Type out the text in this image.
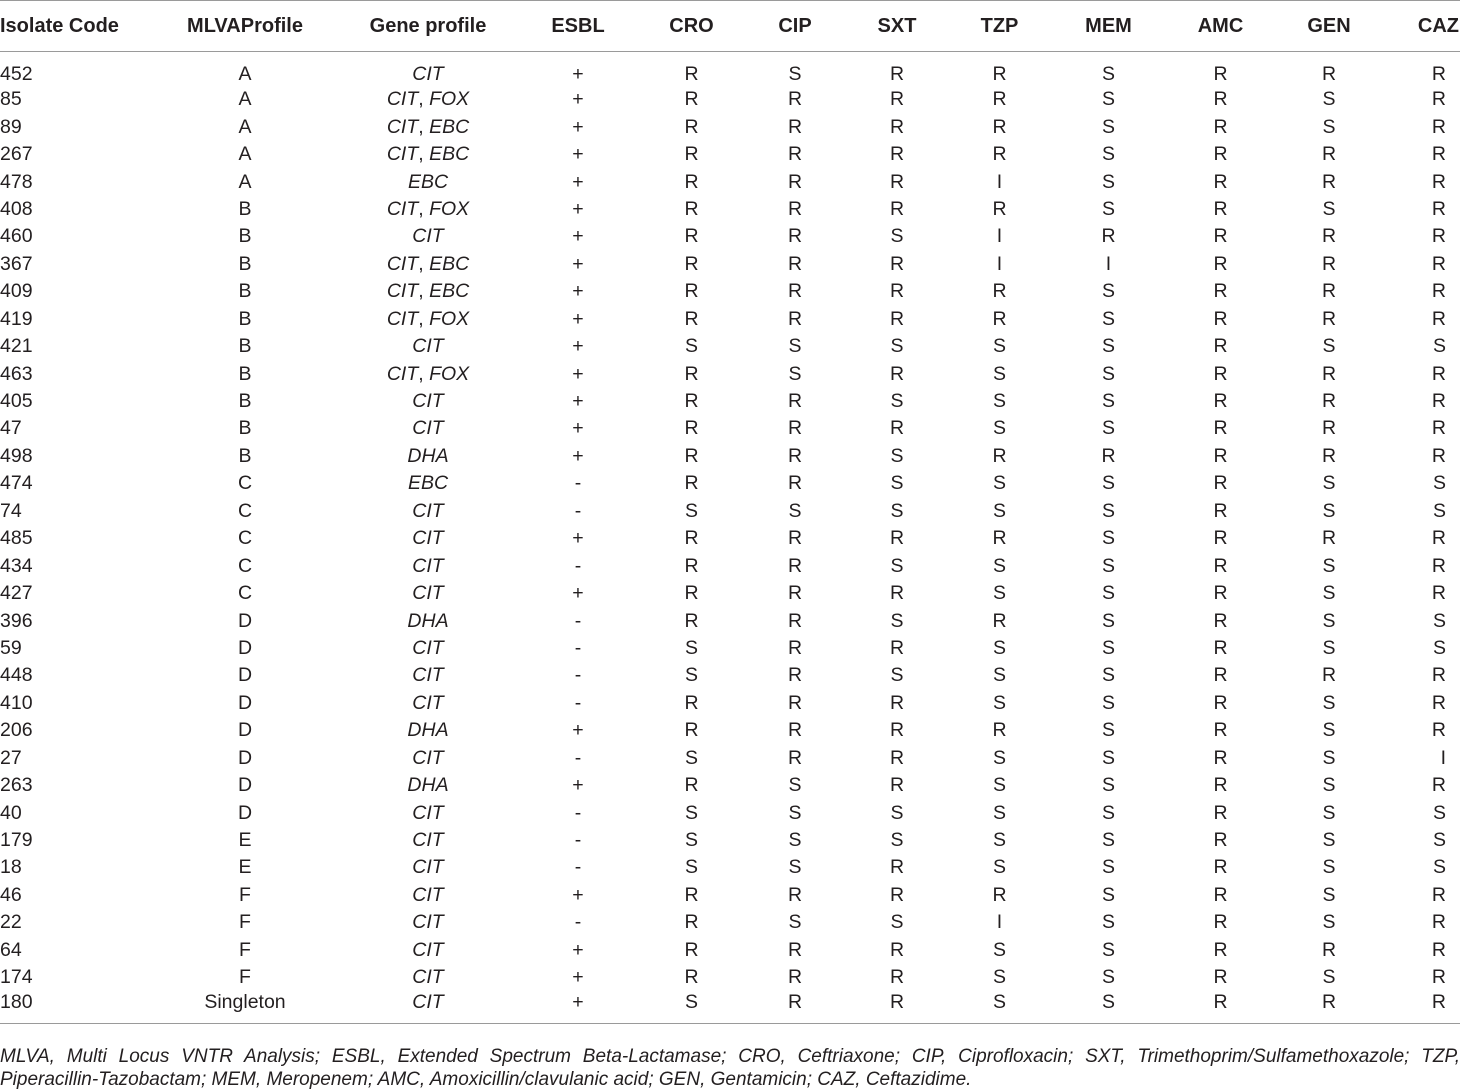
Isolate Code	MLVAProfile	Gene profile	ESBL	CRO	CIP	SXT	TZP	MEM	AMC	GEN	CAZ
452	A	CIT	+	R	S	R	R	S	R	R	R
85	A	CIT, FOX	+	R	R	R	R	S	R	S	R
89	A	CIT, EBC	+	R	R	R	R	S	R	S	R
267	A	CIT, EBC	+	R	R	R	R	S	R	R	R
478	A	EBC	+	R	R	R	I	S	R	R	R
408	B	CIT, FOX	+	R	R	R	R	S	R	S	R
460	B	CIT	+	R	R	S	I	R	R	R	R
367	B	CIT, EBC	+	R	R	R	I	I	R	R	R
409	B	CIT, EBC	+	R	R	R	R	S	R	R	R
419	B	CIT, FOX	+	R	R	R	R	S	R	R	R
421	B	CIT	+	S	S	S	S	S	R	S	S
463	B	CIT, FOX	+	R	S	R	S	S	R	R	R
405	B	CIT	+	R	R	S	S	S	R	R	R
47	B	CIT	+	R	R	R	S	S	R	R	R
498	B	DHA	+	R	R	S	R	R	R	R	R
474	C	EBC	-	R	R	S	S	S	R	S	S
74	C	CIT	-	S	S	S	S	S	R	S	S
485	C	CIT	+	R	R	R	R	S	R	R	R
434	C	CIT	-	R	R	S	S	S	R	S	R
427	C	CIT	+	R	R	R	S	S	R	S	R
396	D	DHA	-	R	R	S	R	S	R	S	S
59	D	CIT	-	S	R	R	S	S	R	S	S
448	D	CIT	-	S	R	S	S	S	R	R	R
410	D	CIT	-	R	R	R	S	S	R	S	R
206	D	DHA	+	R	R	R	R	S	R	S	R
27	D	CIT	-	S	R	R	S	S	R	S	I
263	D	DHA	+	R	S	R	S	S	R	S	R
40	D	CIT	-	S	S	S	S	S	R	S	S
179	E	CIT	-	S	S	S	S	S	R	S	S
18	E	CIT	-	S	S	R	S	S	R	S	S
46	F	CIT	+	R	R	R	R	S	R	S	R
22	F	CIT	-	R	S	S	I	S	R	S	R
64	F	CIT	+	R	R	R	S	S	R	R	R
174	F	CIT	+	R	R	R	S	S	R	S	R
180	Singleton	CIT	+	S	R	R	S	S	R	R	R
MLVA, Multi Locus VNTR Analysis; ESBL, Extended Spectrum Beta-Lactamase; CRO, Ceftriaxone; CIP, Ciprofloxacin; SXT, Trimethoprim/Sulfamethoxazole; TZP, Piperacillin-Tazobactam; MEM, Meropenem; AMC, Amoxicillin/clavulanic acid; GEN, Gentamicin; CAZ, Ceftazidime.
